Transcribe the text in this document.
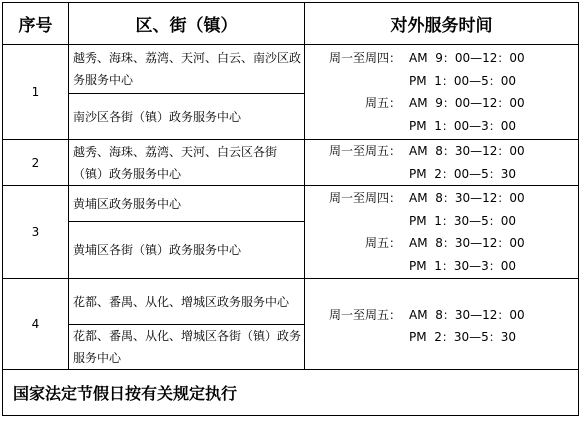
序号	区、街（镇）	对外服务时间
1	越秀、海珠、荔湾、天河、白云、南沙区政务服务中心	周一至周四： AM  9：00—12：00
PM  1：00—5：00
周五： AM  9：00—12：00
PM  1：00—3：00

	南沙区各街（镇）政务服务中心	
2	越秀、海珠、荔湾、天河、白云区各街（镇）政务服务中心	周一至周五： AM  8：30—12：00
PM  2：00—5：30

3	黄埔区政务服务中心	周一至周四： AM  8：30—12：00
PM  1：30—5：00
周五： AM  8：30—12：00
PM  1：30—3：00

	黄埔区各街（镇）政务服务中心	
4	花都、番禺、从化、增城区政务服务中心	周一至周五： AM  8：30—12：00
PM  2：30—5：30

	花都、番禺、从化、增城区各街（镇）政务服务中心	
国家法定节假日按有关规定执行		
